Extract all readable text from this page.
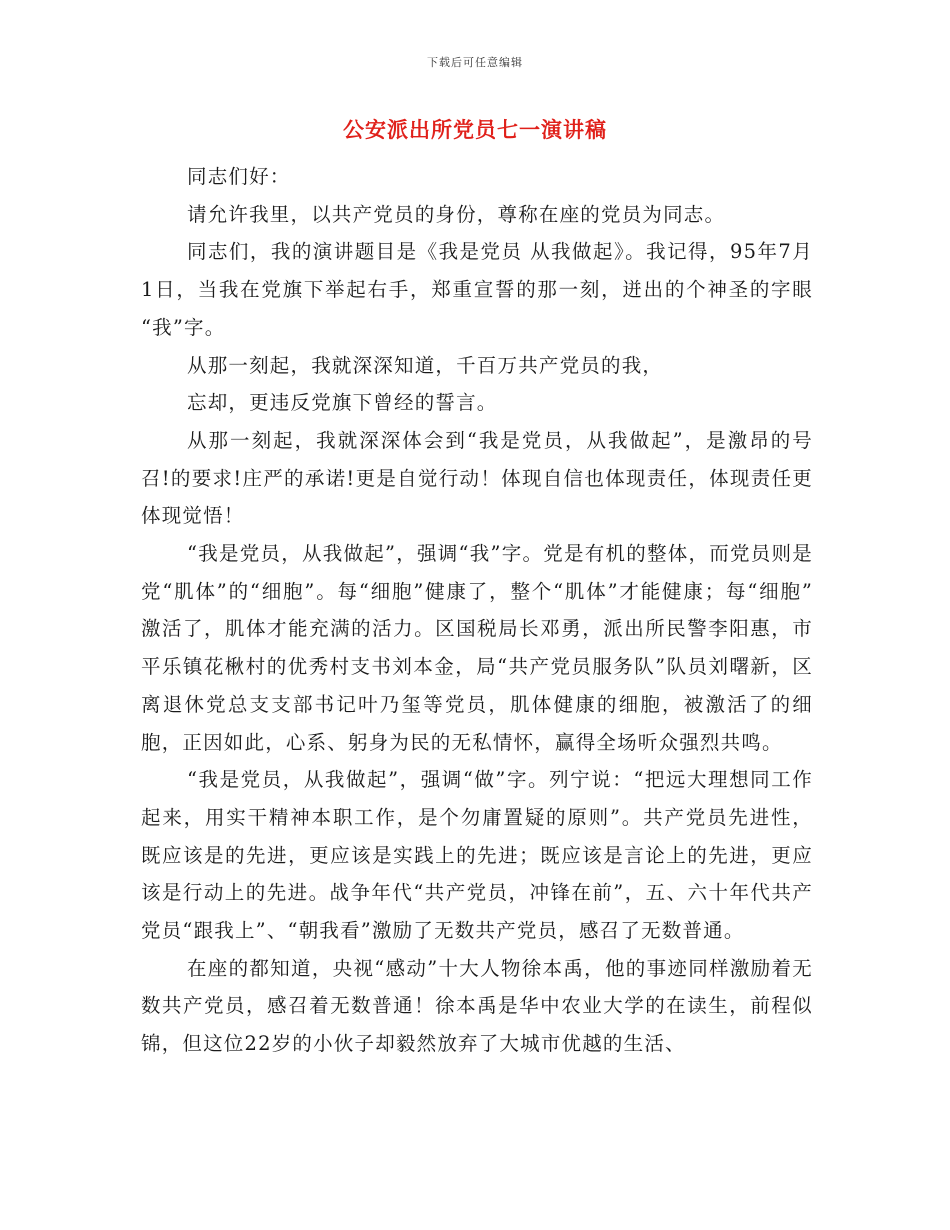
下载后可任意编辑
公安派出所党员七一演讲稿

同志们好：

请允许我里，以共产党员的身份，尊称在座的党员为同志。

同志们，我的演讲题目是《我是党员 从我做起》。我记得，95年7月1日，当我在党旗下举起右手，郑重宣誓的那一刻，迸出的个神圣的字眼 “我”字。

从那一刻起，我就深深知道，千百万共产党员的我，

忘却，更违反党旗下曾经的誓言。

从那一刻起，我就深深体会到“我是党员，从我做起”，是激昂的号召!的要求!庄严的承诺!更是自觉行动！体现自信也体现责任，体现责任更体现觉悟！

“我是党员，从我做起”，强调“我”字。党是有机的整体，而党员则是党“肌体”的“细胞”。每“细胞”健康了，整个“肌体”才能健康；每“细胞” 激活了，肌体才能充满的活力。区国税局长邓勇，派出所民警李阳惠，市平乐镇花楸村的优秀村支书刘本金，局“共产党员服务队”队员刘曙新，区离退休党总支支部书记叶乃玺等党员，肌体健康的细胞，被激活了的细胞，正因如此，心系、躬身为民的无私情怀，赢得全场听众强烈共鸣。

“我是党员，从我做起”，强调“做”字。列宁说：“把远大理想同工作起来，用实干精神本职工作，是个勿庸置疑的原则”。共产党员先进性，既应该是的先进，更应该是实践上的先进；既应该是言论上的先进，更应该是行动上的先进。战争年代“共产党员，冲锋在前”，五、六十年代共产党员“跟我上”、“朝我看”激励了无数共产党员，感召了无数普通。

在座的都知道，央视“感动”十大人物徐本禹，他的事迹同样激励着无数共产党员，感召着无数普通！徐本禹是华中农业大学的在读生，前程似锦，但这位22岁的小伙子却毅然放弃了大城市优越的生活、
